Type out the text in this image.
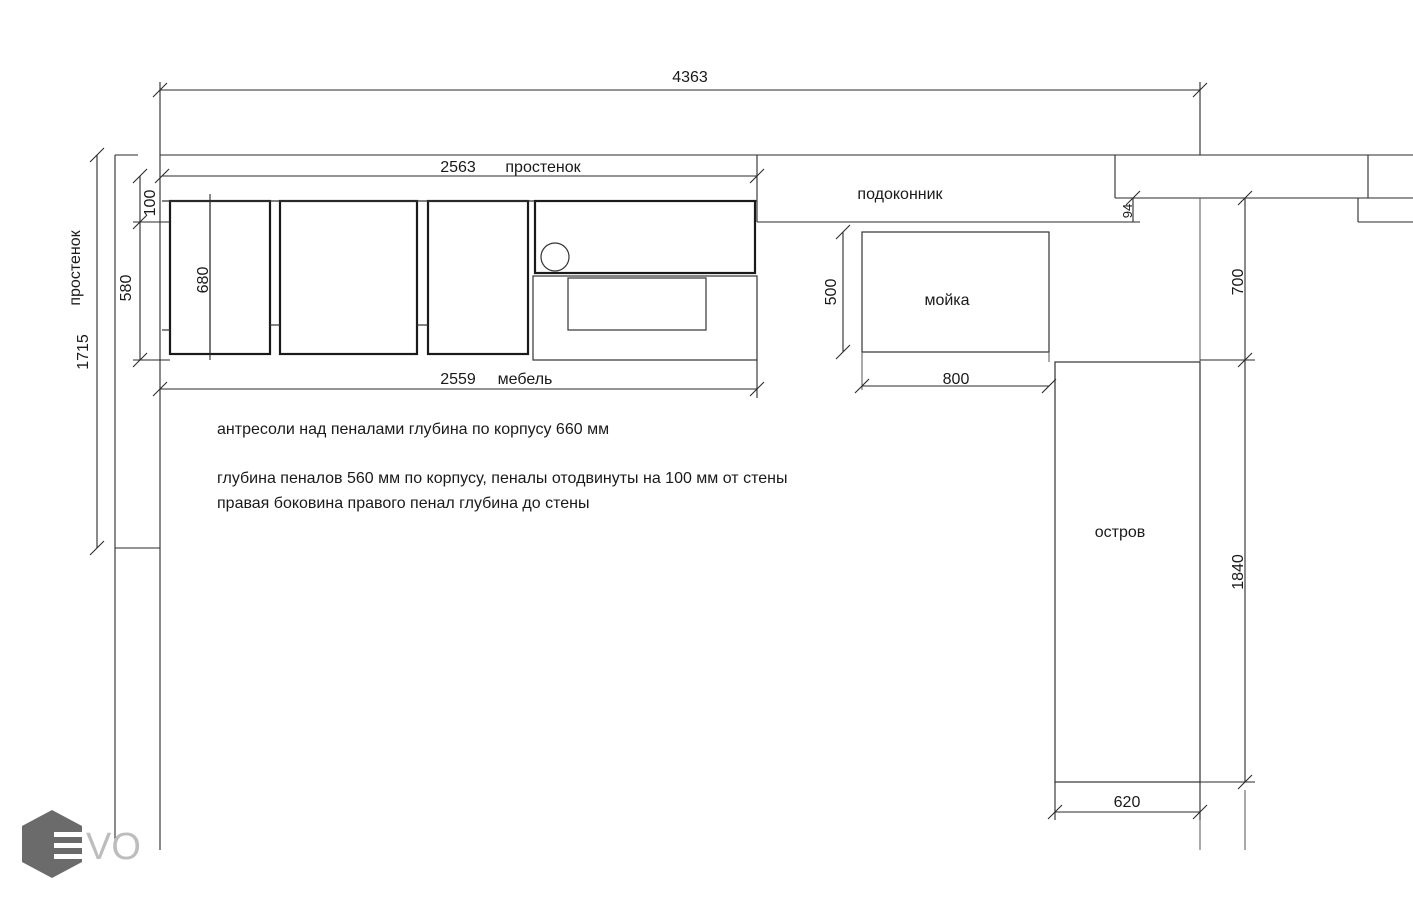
4363
2563 простенок
2559 мебель
подоконник
мойка
800
остров
620
1715
простенок
100
580	680	500	700
1840
94
антресоли над пеналами глубина по корпусу 660 мм
глубина пеналов 560 мм по корпусу, пеналы отодвинуты на 100 мм от стены
правая боковина правого пенал глубина до стены
VO
